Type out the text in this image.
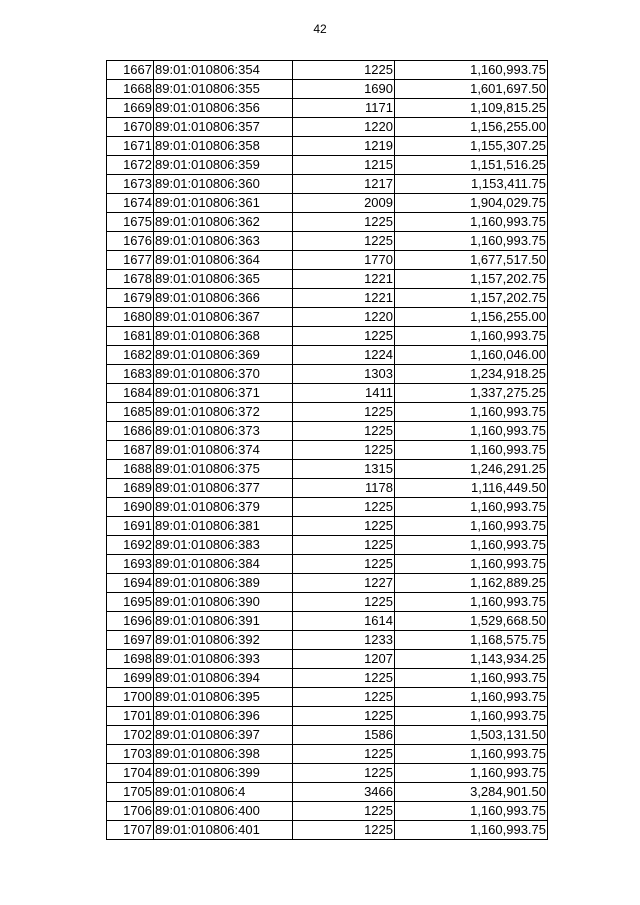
42
1667	89:01:010806:354	1225	1,160,993.75
1668	89:01:010806:355	1690	1,601,697.50
1669	89:01:010806:356	1171	1,109,815.25
1670	89:01:010806:357	1220	1,156,255.00
1671	89:01:010806:358	1219	1,155,307.25
1672	89:01:010806:359	1215	1,151,516.25
1673	89:01:010806:360	1217	1,153,411.75
1674	89:01:010806:361	2009	1,904,029.75
1675	89:01:010806:362	1225	1,160,993.75
1676	89:01:010806:363	1225	1,160,993.75
1677	89:01:010806:364	1770	1,677,517.50
1678	89:01:010806:365	1221	1,157,202.75
1679	89:01:010806:366	1221	1,157,202.75
1680	89:01:010806:367	1220	1,156,255.00
1681	89:01:010806:368	1225	1,160,993.75
1682	89:01:010806:369	1224	1,160,046.00
1683	89:01:010806:370	1303	1,234,918.25
1684	89:01:010806:371	1411	1,337,275.25
1685	89:01:010806:372	1225	1,160,993.75
1686	89:01:010806:373	1225	1,160,993.75
1687	89:01:010806:374	1225	1,160,993.75
1688	89:01:010806:375	1315	1,246,291.25
1689	89:01:010806:377	1178	1,116,449.50
1690	89:01:010806:379	1225	1,160,993.75
1691	89:01:010806:381	1225	1,160,993.75
1692	89:01:010806:383	1225	1,160,993.75
1693	89:01:010806:384	1225	1,160,993.75
1694	89:01:010806:389	1227	1,162,889.25
1695	89:01:010806:390	1225	1,160,993.75
1696	89:01:010806:391	1614	1,529,668.50
1697	89:01:010806:392	1233	1,168,575.75
1698	89:01:010806:393	1207	1,143,934.25
1699	89:01:010806:394	1225	1,160,993.75
1700	89:01:010806:395	1225	1,160,993.75
1701	89:01:010806:396	1225	1,160,993.75
1702	89:01:010806:397	1586	1,503,131.50
1703	89:01:010806:398	1225	1,160,993.75
1704	89:01:010806:399	1225	1,160,993.75
1705	89:01:010806:4	3466	3,284,901.50
1706	89:01:010806:400	1225	1,160,993.75
1707	89:01:010806:401	1225	1,160,993.75
